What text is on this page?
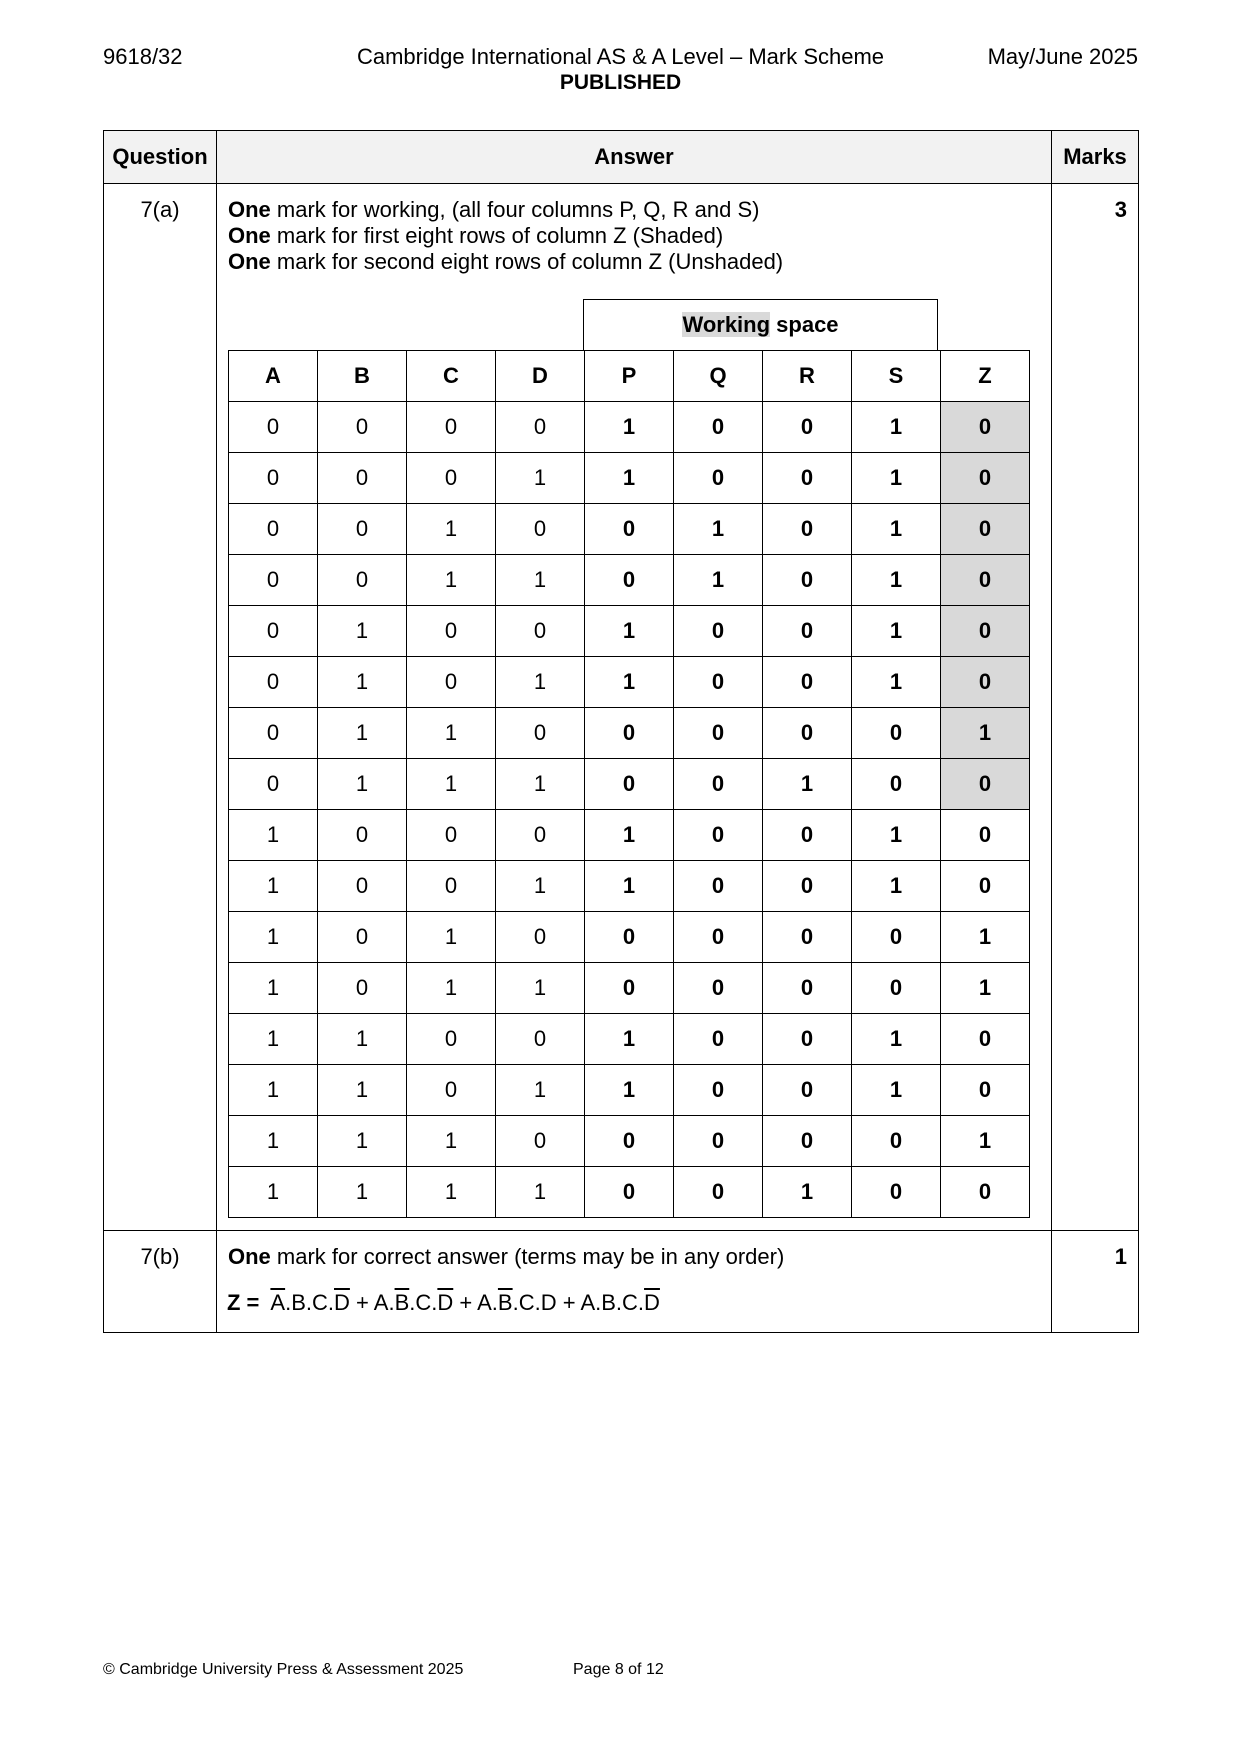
9618/32	Cambridge International AS & A Level – Mark Scheme	May/June 2025
PUBLISHED
Question	Answer	Marks
7(a)	One mark for working, (all four columns P, Q, R and S)
One mark for first eight rows of column Z (Shaded)
One mark for second eight rows of column Z (Unshaded)
Working space
A	B	C	D	P	Q	R	S	Z
0	0	0	0	1	0	0	1	0
0	0	0	1	1	0	0	1	0
0	0	1	0	0	1	0	1	0
0	0	1	1	0	1	0	1	0
0	1	0	0	1	0	0	1	0
0	1	0	1	1	0	0	1	0
0	1	1	0	0	0	0	0	1
0	1	1	1	0	0	1	0	0
1	0	0	0	1	0	0	1	0
1	0	0	1	1	0	0	1	0
1	0	1	0	0	0	0	0	1
1	0	1	1	0	0	0	0	1
1	1	0	0	1	0	0	1	0
1	1	0	1	1	0	0	1	0
1	1	1	0	0	0	0	0	1
1	1	1	1	0	0	1	0	0
	3
7(b)	One mark for correct answer (terms may be in any order)
$Z = \overline{A}.B.C.\overline{D} + A.\overline{B}.C.\overline{D} + A.\overline{B}.C.D + A.B.C.\overline{D}$
	1
© Cambridge University Press & Assessment 2025	Page 8 of 12
